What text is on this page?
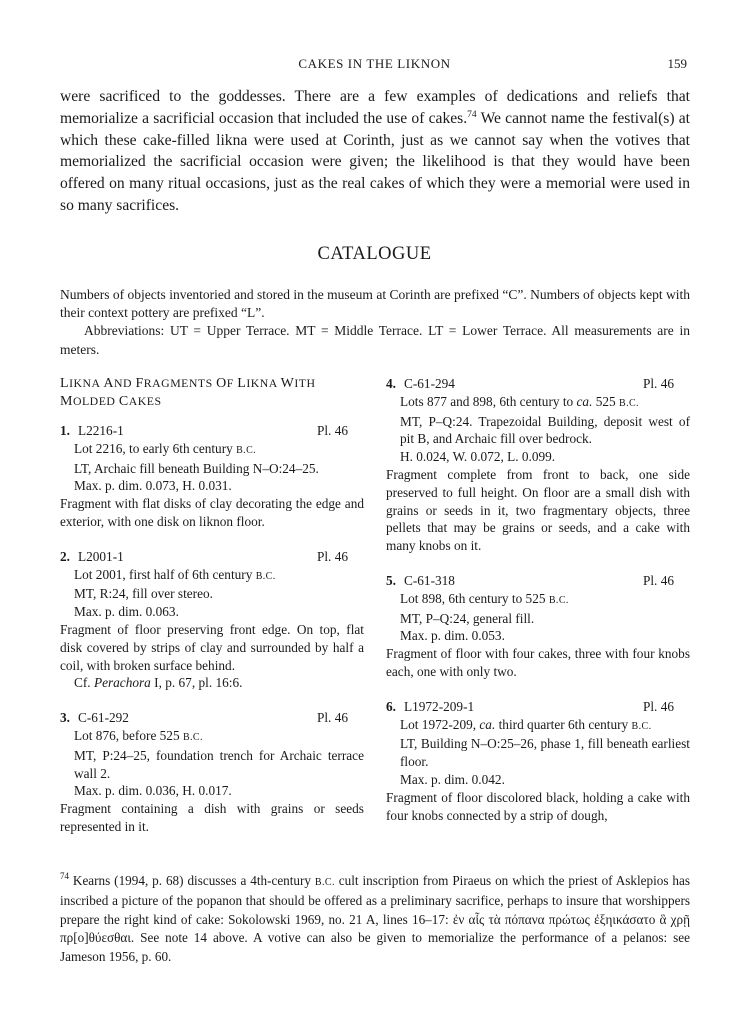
CAKES IN THE LIKNON	159

were sacrificed to the goddesses. There are a few examples of dedications and reliefs that memorialize a sacrificial occasion that included the use of cakes.$^{74}$ We cannot name the festival(s) at which these cake-filled likna were used at Corinth, just as we cannot say when the votives that memorialized the sacrificial occasion were given; the likelihood is that they would have been offered on many ritual occasions, just as the real cakes of which they were a memorial were used in so many sacrifices.

CATALOGUE

Numbers of objects inventoried and stored in the museum at Corinth are prefixed “C”. Numbers of objects kept with their context pottery are prefixed “L”.

Abbreviations: UT = Upper Terrace. MT = Middle Terrace. LT = Lower Terrace. All measurements are in meters.

LIKNA AND FRAGMENTS OF LIKNA WITH MOLDED CAKES
1. L2216-1	Pl. 46
Lot 2216, to early 6th century B.C.
LT, Archaic fill beneath Building N–O:24–25.
Max. p. dim. 0.073, H. 0.031.
Fragment with flat disks of clay decorating the edge and exterior, with one disk on liknon floor.
2. L2001-1	Pl. 46
Lot 2001, first half of 6th century B.C.
MT, R:24, fill over stereo.
Max. p. dim. 0.063.
Fragment of floor preserving front edge. On top, flat disk covered by strips of clay and surrounded by half a coil, with broken surface behind.
Cf. Perachora I, p. 67, pl. 16:6.
3. C-61-292	Pl. 46
Lot 876, before 525 B.C.
MT, P:24–25, foundation trench for Archaic terrace wall 2.
Max. p. dim. 0.036, H. 0.017.
Fragment containing a dish with grains or seeds represented in it.
4. C-61-294	Pl. 46
Lots 877 and 898, 6th century to ca. 525 B.C.
MT, P–Q:24. Trapezoidal Building, deposit west of pit B, and Archaic fill over bedrock.
H. 0.024, W. 0.072, L. 0.099.
Fragment complete from front to back, one side preserved to full height. On floor are a small dish with grains or seeds in it, two fragmentary objects, three pellets that may be grains or seeds, and a cake with many knobs on it.
5. C-61-318	Pl. 46
Lot 898, 6th century to 525 B.C.
MT, P–Q:24, general fill.
Max. p. dim. 0.053.
Fragment of floor with four cakes, three with four knobs each, one with only two.
6. L1972-209-1	Pl. 46
Lot 1972-209, ca. third quarter 6th century B.C.
LT, Building N–O:25–26, phase 1, fill beneath earliest floor.
Max. p. dim. 0.042.
Fragment of floor discolored black, holding a cake with four knobs connected by a strip of dough,
$^{74}$ Kearns (1994, p. 68) discusses a 4th-century B.C. cult inscription from Piraeus on which the priest of Asklepios has inscribed a picture of the popanon that should be offered as a preliminary sacrifice, perhaps to insure that worshippers prepare the right kind of cake: Sokolowski 1969, no. 21 A, lines 16–17: ἐν αἷς τὰ πόπανα πρώτως ἐξηικάσατο ἃ χρῇ πρ[ο]θύεσθαι. See note 14 above. A votive can also be given to memorialize the performance of a pelanos: see Jameson 1956, p. 60.
